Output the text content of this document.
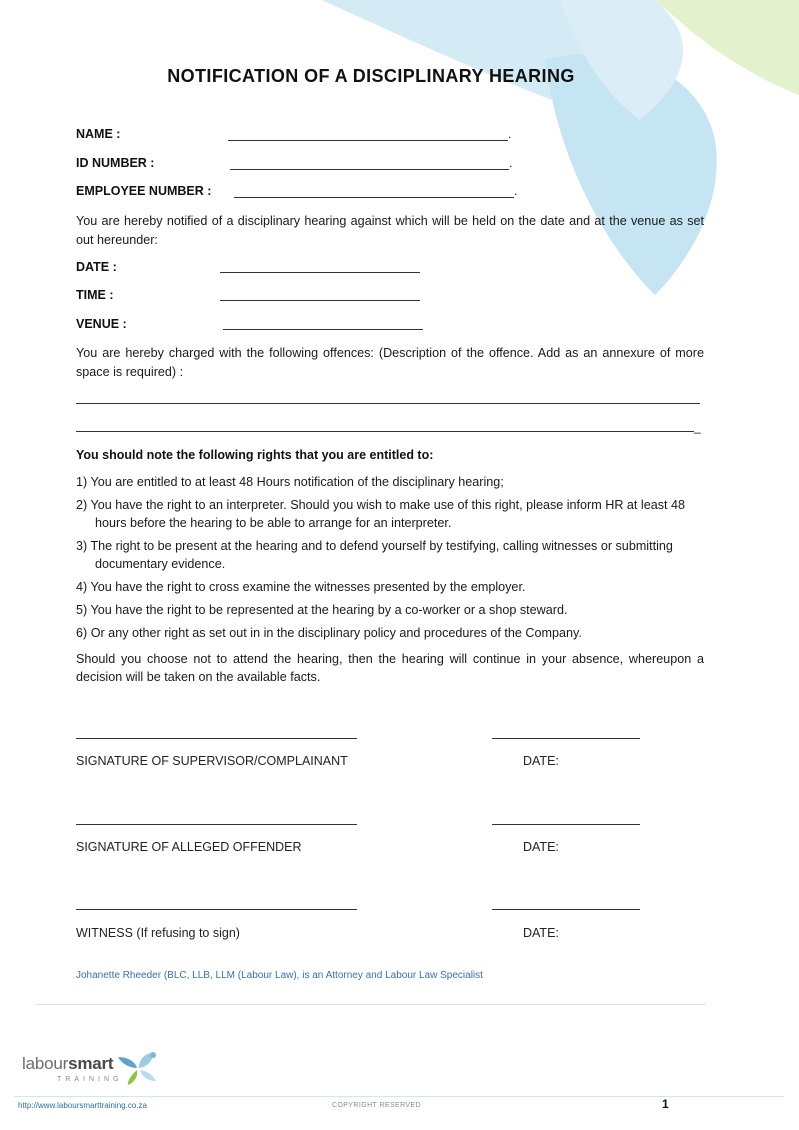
NOTIFICATION OF A DISCIPLINARY HEARING
NAME :	.
ID NUMBER :	.
EMPLOYEE NUMBER :	.
You are hereby notified of a disciplinary hearing against which will be held on the date and at the venue as set out hereunder:
DATE :
TIME :
VENUE :
You are hereby charged with the following offences: (Description of the offence. Add as an annexure of more space is required) :
_
You should note the following rights that you are entitled to:
1) You are entitled to at least 48 Hours notification of the disciplinary hearing;
2) You have the right to an interpreter. Should you wish to make use of this right, please inform HR at least 48 hours before the hearing to be able to arrange for an interpreter.
3) The right to be present at the hearing and to defend yourself by testifying, calling witnesses or submitting documentary evidence.
4) You have the right to cross examine the witnesses presented by the employer.
5) You have the right to be represented at the hearing by a co-worker or a shop steward.
6) Or any other right as set out in in the disciplinary policy and procedures of the Company.
Should you choose not to attend the hearing, then the hearing will continue in your absence, whereupon a decision will be taken on the available facts.
SIGNATURE OF SUPERVISOR/COMPLAINANT	DATE:
SIGNATURE OF ALLEGED OFFENDER	DATE:
WITNESS (If refusing to sign)	DATE:
Johanette Rheeder (BLC, LLB, LLM (Labour Law), is an Attorney and Labour Law Specialist
laboursmart
TRAINING
http://www.laboursmarttraining.co.za	COPYRIGHT RESERVED	1
